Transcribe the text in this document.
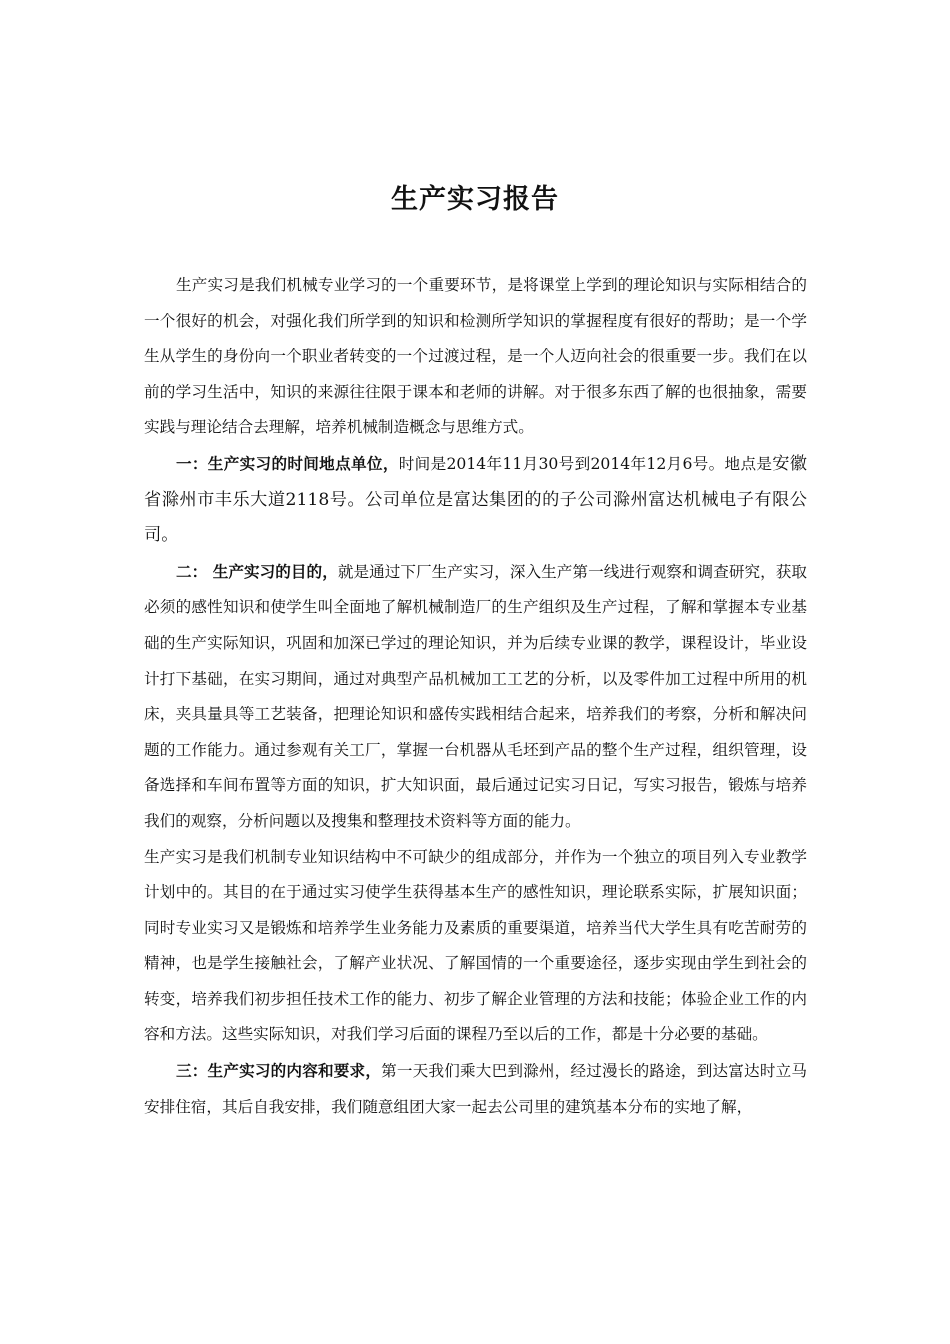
生产实习报告

生产实习是我们机械专业学习的一个重要环节，是将课堂上学到的理论知识与实际相结合的一个很好的机会，对强化我们所学到的知识和检测所学知识的掌握程度有很好的帮助；是一个学生从学生的身份向一个职业者转变的一个过渡过程，是一个人迈向社会的很重要一步。我们在以前的学习生活中，知识的来源往往限于课本和老师的讲解。对于很多东西了解的也很抽象，需要实践与理论结合去理解，培养机械制造概念与思维方式。

一：生产实习的时间地点单位，时间是2014年11月30号到2014年12月6号。地点是安徽省滁州市丰乐大道2118号。公司单位是富达集团的的子公司滁州富达机械电子有限公司。

二： 生产实习的目的，就是通过下厂生产实习，深入生产第一线进行观察和调查研究，获取必须的感性知识和使学生叫全面地了解机械制造厂的生产组织及生产过程，了解和掌握本专业基础的生产实际知识，巩固和加深已学过的理论知识，并为后续专业课的教学，课程设计，毕业设计打下基础，在实习期间，通过对典型产品机械加工工艺的分析，以及零件加工过程中所用的机床，夹具量具等工艺装备，把理论知识和盛传实践相结合起来，培养我们的考察，分析和解决问题的工作能力。通过参观有关工厂，掌握一台机器从毛坯到产品的整个生产过程，组织管理，设备选择和车间布置等方面的知识，扩大知识面，最后通过记实习日记，写实习报告，锻炼与培养我们的观察，分析问题以及搜集和整理技术资料等方面的能力。

生产实习是我们机制专业知识结构中不可缺少的组成部分，并作为一个独立的项目列入专业教学计划中的。其目的在于通过实习使学生获得基本生产的感性知识，理论联系实际，扩展知识面；同时专业实习又是锻炼和培养学生业务能力及素质的重要渠道，培养当代大学生具有吃苦耐劳的精神，也是学生接触社会，了解产业状况、了解国情的一个重要途径，逐步实现由学生到社会的转变，培养我们初步担任技术工作的能力、初步了解企业管理的方法和技能；体验企业工作的内容和方法。这些实际知识，对我们学习后面的课程乃至以后的工作，都是十分必要的基础。

三：生产实习的内容和要求，第一天我们乘大巴到滁州，经过漫长的路途，到达富达时立马安排住宿，其后自我安排，我们随意组团大家一起去公司里的建筑基本分布的实地了解，
